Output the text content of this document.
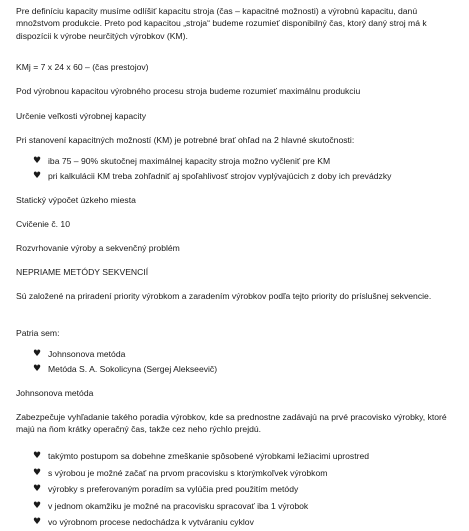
Pre definíciu kapacity musíme odlíšiť kapacitu stroja (čas – kapacitné možnosti) a výrobnú kapacitu, danú množstvom produkcie. Preto pod kapacitou „stroja“ budeme rozumieť disponibilný čas, ktorý daný stroj má k dispozícii k výrobe neurčitých výrobkov (KM).

KMj = 7 x 24 x 60 – (čas prestojov)

Pod výrobnou kapacitou výrobného procesu stroja budeme rozumieť maximálnu produkciu

Určenie veľkosti výrobnej kapacity

Pri stanovení kapacitných možností (KM) je potrebné brať ohľad na 2 hlavné skutočnosti:

♥ iba 75 – 90% skutočnej maximálnej kapacity stroja možno vyčleniť pre KM
♥ pri kalkulácii KM treba zohľadniť aj spoľahlivosť strojov vyplývajúcich z doby ich prevádzky

Statický výpočet úzkeho miesta

Cvičenie č. 10

Rozvrhovanie výroby a sekvenčný problém

NEPRIAME METÓDY SEKVENCIÍ

Sú založené na priradení priority výrobkom a zaradením výrobkov podľa tejto priority do príslušnej sekvencie.

Patria sem:

♥ Johnsonova metóda
♥ Metóda S. A. Sokolicyna (Sergej Alekseevič)

Johnsonova metóda

Zabezpečuje vyhľadanie takého poradia výrobkov, kde sa prednostne zadávajú na prvé pracovisko výrobky, ktoré majú na ňom krátky operačný čas, takže cez neho rýchlo prejdú.

♥ takýmto postupom sa dobehne zmeškanie spôsobené výrobkami ležiacimi uprostred
♥ s výrobou je možné začať na prvom pracovisku s ktorýmkoľvek výrobkom
♥ výrobky s preferovaným poradím sa vylúčia pred použitím metódy
♥ v jednom okamžiku je možné na pracovisku spracovať iba 1 výrobok
♥ vo výrobnom procese nedochádza k vytváraniu cyklov
